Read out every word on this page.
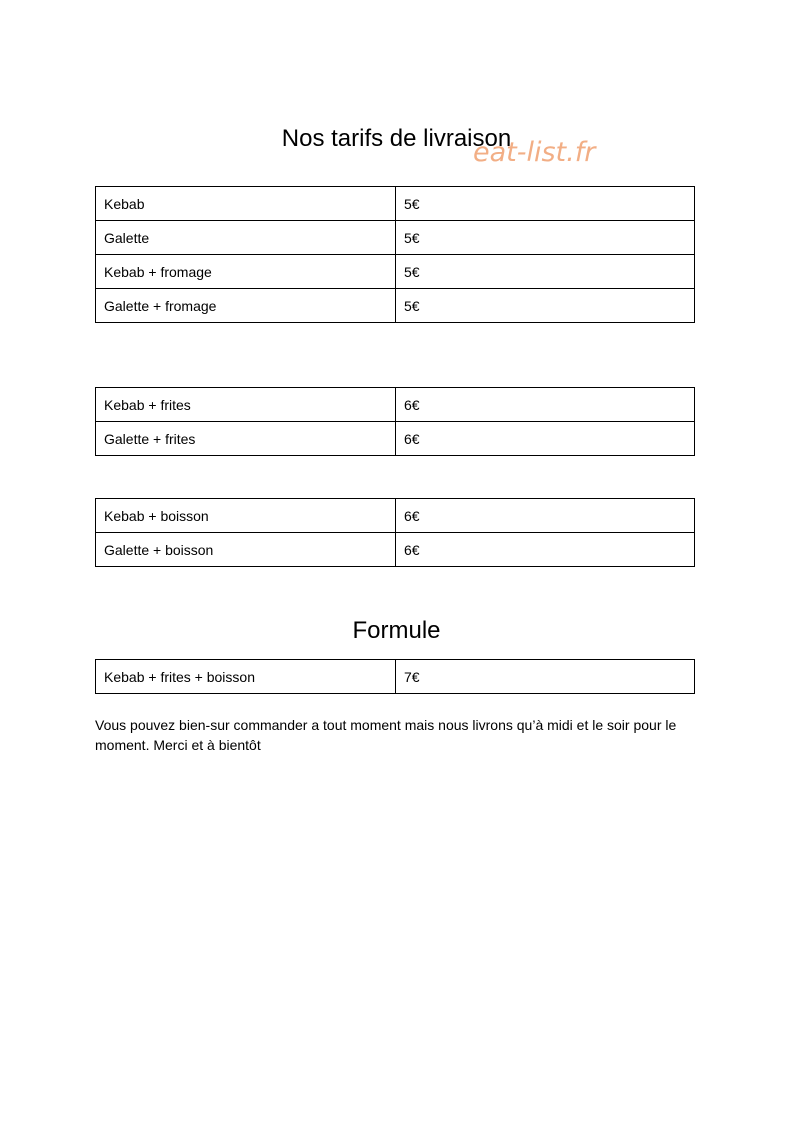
Nos tarifs de livraison
eat-list.fr
Kebab	5€
Galette	5€
Kebab + fromage	5€
Galette + fromage	5€
Kebab + frites	6€
Galette + frites	6€
Kebab + boisson	6€
Galette + boisson	6€
Formule
Kebab + frites + boisson	7€

Vous pouvez bien-sur commander a tout moment mais nous livrons qu’à midi et le soir pour le moment. Merci et à bientôt
